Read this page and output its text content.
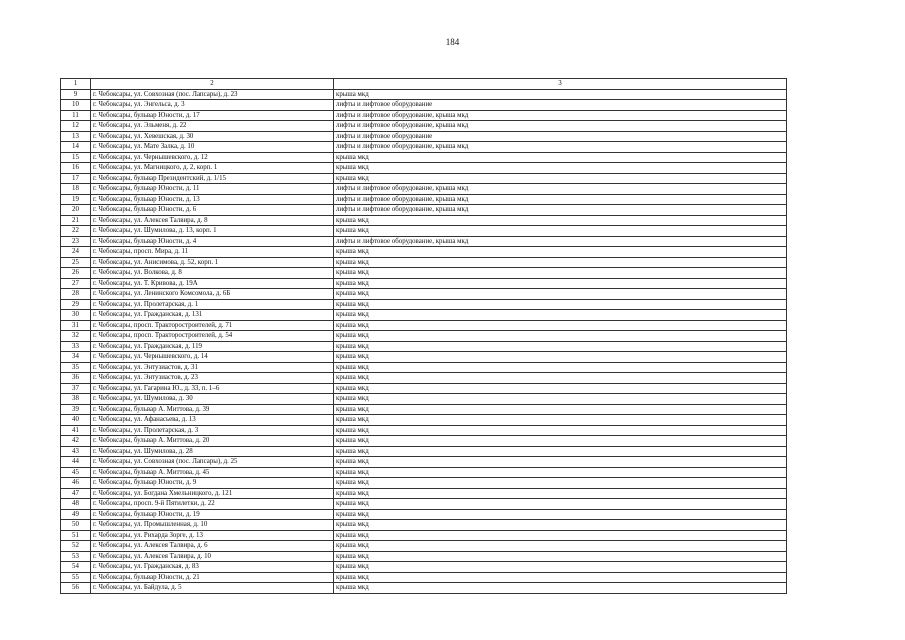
184
1	2	3
9	г. Чебоксары, ул. Совхозная (пос. Лапсары), д. 23	крыша мкд
10	г. Чебоксары, ул. Энгельса, д. 3	лифты и лифтовое оборудование
11	г. Чебоксары, бульвар Юности, д. 17	лифты и лифтовое оборудование, крыша мкд
12	г. Чебоксары, ул. Эльменя, д. 22	лифты и лифтовое оборудование, крыша мкд
13	г. Чебоксары, ул. Хевешская, д. 30	лифты и лифтовое оборудование
14	г. Чебоксары, ул. Мате Залка, д. 10	лифты и лифтовое оборудование, крыша мкд
15	г. Чебоксары, ул. Чернышевского, д. 12	крыша мкд
16	г. Чебоксары, ул. Магницкого, д. 2, корп. 1	крыша мкд
17	г. Чебоксары, бульвар Президентский, д. 1/15	крыша мкд
18	г. Чебоксары, бульвар Юности, д. 11	лифты и лифтовое оборудование, крыша мкд
19	г. Чебоксары, бульвар Юности, д. 13	лифты и лифтовое оборудование, крыша мкд
20	г. Чебоксары, бульвар Юности, д. 6	лифты и лифтовое оборудование, крыша мкд
21	г. Чебоксары, ул. Алексея Талвира, д. 8	крыша мкд
22	г. Чебоксары, ул. Шумилова, д. 13, корп. 1	крыша мкд
23	г. Чебоксары, бульвар Юности, д. 4	лифты и лифтовое оборудование, крыша мкд
24	г. Чебоксары, просп. Мира, д. 11	крыша мкд
25	г. Чебоксары, ул. Анисимова, д. 52, корп. 1	крыша мкд
26	г. Чебоксары, ул. Волкова, д. 8	крыша мкд
27	г. Чебоксары, ул. Т. Кривова, д. 19А	крыша мкд
28	г. Чебоксары, ул. Ленинского Комсомола, д. 6Б	крыша мкд
29	г. Чебоксары, ул. Пролетарская, д. 1	крыша мкд
30	г. Чебоксары, ул. Гражданская, д. 131	крыша мкд
31	г. Чебоксары, просп. Тракторостроителей, д. 71	крыша мкд
32	г. Чебоксары, просп. Тракторостроителей, д. 54	крыша мкд
33	г. Чебоксары, ул. Гражданская, д. 119	крыша мкд
34	г. Чебоксары, ул. Чернышевского, д. 14	крыша мкд
35	г. Чебоксары, ул. Энтузиастов, д. 31	крыша мкд
36	г. Чебоксары, ул. Энтузиастов, д. 23	крыша мкд
37	г. Чебоксары, ул. Гагарина Ю., д. 33, п. 1–6	крыша мкд
38	г. Чебоксары, ул. Шумилова, д. 30	крыша мкд
39	г. Чебоксары, бульвар А. Миттова, д. 39	крыша мкд
40	г. Чебоксары, ул. Афанасьева, д. 13	крыша мкд
41	г. Чебоксары, ул. Пролетарская, д. 3	крыша мкд
42	г. Чебоксары, бульвар А. Миттова, д. 20	крыша мкд
43	г. Чебоксары, ул. Шумилова, д. 28	крыша мкд
44	г. Чебоксары, ул. Совхозная (пос. Лапсары), д. 25	крыша мкд
45	г. Чебоксары, бульвар А. Миттова, д. 45	крыша мкд
46	г. Чебоксары, бульвар Юности, д. 9	крыша мкд
47	г. Чебоксары, ул. Богдана Хмельницкого, д. 121	крыша мкд
48	г. Чебоксары, просп. 9-й Пятилетки, д. 22	крыша мкд
49	г. Чебоксары, бульвар Юности, д. 19	крыша мкд
50	г. Чебоксары, ул. Промышленная, д. 10	крыша мкд
51	г. Чебоксары, ул. Рихарда Зорге, д. 13	крыша мкд
52	г. Чебоксары, ул. Алексея Талвира, д. 6	крыша мкд
53	г. Чебоксары, ул. Алексея Талвира, д. 10	крыша мкд
54	г. Чебоксары, ул. Гражданская, д. 83	крыша мкд
55	г. Чебоксары, бульвар Юности, д. 21	крыша мкд
56	г. Чебоксары, ул. Байдула, д. 5	крыша мкд
